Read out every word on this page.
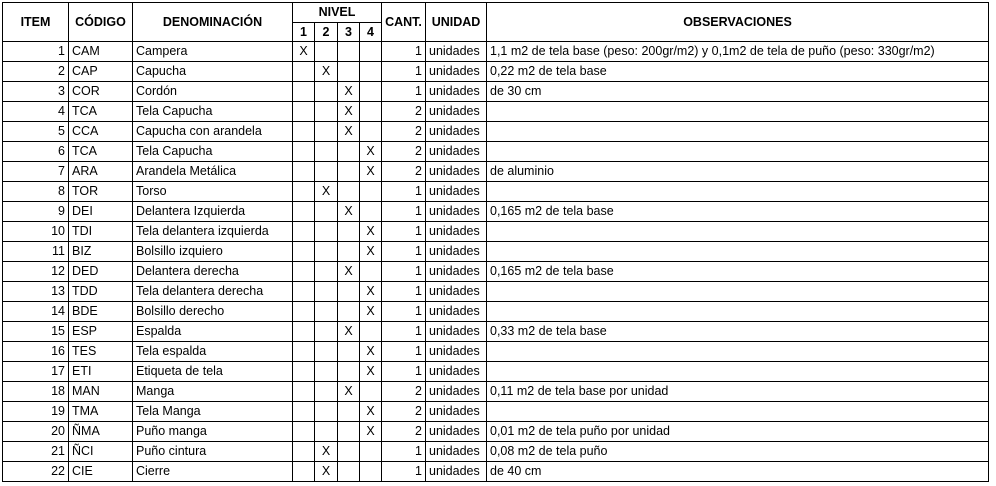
ITEM	CÓDIGO	DENOMINACIÓN	NIVEL				CANT.	UNIDAD	OBSERVACIONES
			1	2	3	4			
1	CAM	Campera	X				1	unidades	1,1 m2 de tela base (peso: 200gr/m2) y 0,1m2 de tela de puño (peso: 330gr/m2)
2	CAP	Capucha		X			1	unidades	0,22 m2 de tela base
3	COR	Cordón			X		1	unidades	de 30 cm
4	TCA	Tela Capucha			X		2	unidades	
5	CCA	Capucha con arandela			X		2	unidades	
6	TCA	Tela Capucha				X	2	unidades	
7	ARA	Arandela Metálica				X	2	unidades	de aluminio
8	TOR	Torso		X			1	unidades	
9	DEI	Delantera Izquierda			X		1	unidades	0,165 m2 de tela base
10	TDI	Tela delantera izquierda				X	1	unidades	
11	BIZ	Bolsillo izquiero				X	1	unidades	
12	DED	Delantera derecha			X		1	unidades	0,165 m2 de tela base
13	TDD	Tela delantera derecha				X	1	unidades	
14	BDE	Bolsillo derecho				X	1	unidades	
15	ESP	Espalda			X		1	unidades	0,33 m2 de tela base
16	TES	Tela espalda				X	1	unidades	
17	ETI	Etiqueta de tela				X	1	unidades	
18	MAN	Manga			X		2	unidades	0,11 m2 de tela base por unidad
19	TMA	Tela Manga				X	2	unidades	
20	ÑMA	Puño manga				X	2	unidades	0,01 m2 de tela puño por unidad
21	ÑCI	Puño cintura		X			1	unidades	0,08 m2 de tela puño
22	CIE	Cierre		X			1	unidades	de 40 cm
